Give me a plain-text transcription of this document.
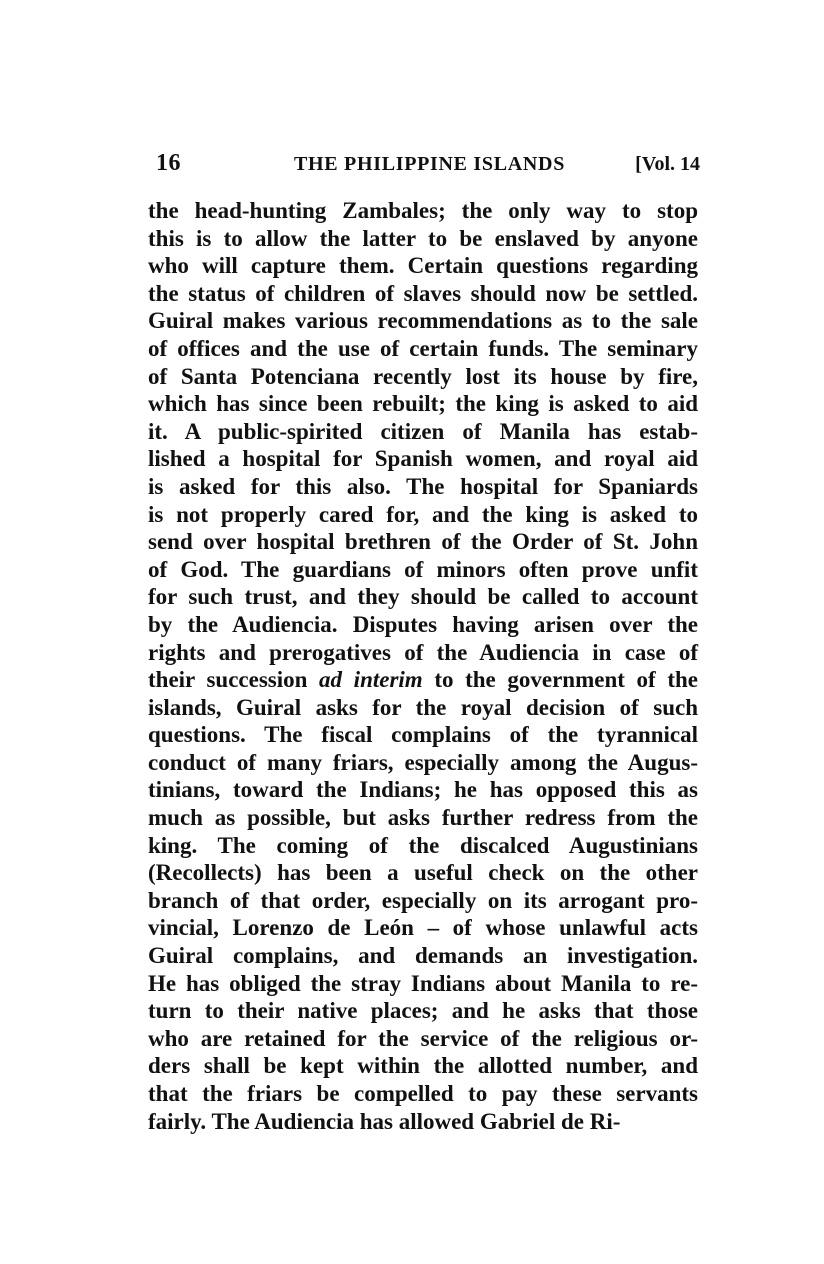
16	THE PHILIPPINE ISLANDS	[Vol. 14
the head-hunting Zambales; the only way to stop
this is to allow the latter to be enslaved by anyone
who will capture them. Certain questions regarding
the status of children of slaves should now be settled.
Guiral makes various recommendations as to the sale
of offices and the use of certain funds. The seminary
of Santa Potenciana recently lost its house by fire,
which has since been rebuilt; the king is asked to aid
it. A public-spirited citizen of Manila has estab-
lished a hospital for Spanish women, and royal aid
is asked for this also. The hospital for Spaniards
is not properly cared for, and the king is asked to
send over hospital brethren of the Order of St. John
of God. The guardians of minors often prove unfit
for such trust, and they should be called to account
by the Audiencia. Disputes having arisen over the
rights and prerogatives of the Audiencia in case of
their succession ad interim to the government of the
islands, Guiral asks for the royal decision of such
questions. The fiscal complains of the tyrannical
conduct of many friars, especially among the Augus-
tinians, toward the Indians; he has opposed this as
much as possible, but asks further redress from the
king. The coming of the discalced Augustinians
(Recollects) has been a useful check on the other
branch of that order, especially on its arrogant pro-
vincial, Lorenzo de León – of whose unlawful acts
Guiral complains, and demands an investigation.
He has obliged the stray Indians about Manila to re-
turn to their native places; and he asks that those
who are retained for the service of the religious or-
ders shall be kept within the allotted number, and
that the friars be compelled to pay these servants
fairly. The Audiencia has allowed Gabriel de Ri-
